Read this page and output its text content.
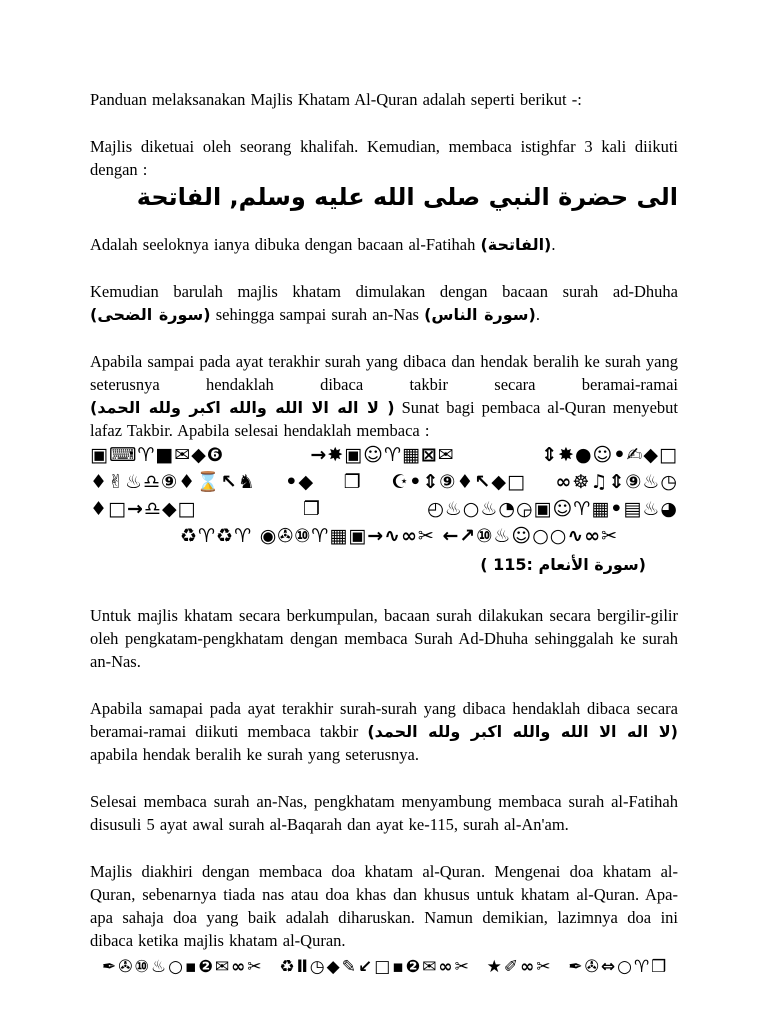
Panduan melaksanakan Majlis Khatam Al-Quran adalah seperti berikut -:

Majlis diketuai oleh seorang khalifah. Kemudian, membaca istighfar 3 kali diikuti dengan :

الى حضرة النبي صلى الله عليه وسلم, الفاتحة

Adalah seeloknya ianya dibuka dengan bacaan al-Fatihah (الفاتحة).

Kemudian barulah majlis khatam dimulakan dengan bacaan surah ad-Dhuha (سورة الضحى) sehingga sampai surah an-Nas (سورة الناس).

Apabila sampai pada ayat terakhir surah yang dibaca dan hendak beralih ke surah yang seterusnya hendaklah dibaca takbir secara beramai-ramai ( لا اله الا الله والله اكبر ولله الحمد) Sunat bagi pembaca al-Quran menyebut lafaz Takbir. Apabila selesai hendaklah membaca :

▣⌨♈■✉◆❻	→✸▣☺♈▦⊠✉	⇕✸●☺•✍◆□
♦✌♨♎⑨♦⌛↖♞ •◆ ❐ ☪•⇕⑨♦↖◆□ ∞☸♫⇕⑨♨◷
♦□→♎◆□	❐	◴♨○♨◔◶▣☺♈▦•▤♨◕
♻♈♻♈ ◉✇⑩♈▦▣→∿∞✂ ←↗⑩♨☺○○∿∞✂
(سورة الأنعام :115 )

Untuk majlis khatam secara berkumpulan, bacaan surah dilakukan secara bergilir-gilir oleh pengkatam-pengkhatam dengan membaca Surah Ad-Dhuha sehinggalah ke surah an-Nas.

Apabila samapai pada ayat terakhir surah-surah yang dibaca hendaklah dibaca secara beramai-ramai diikuti membaca takbir (لا اله الا الله والله اكبر ولله الحمد) apabila hendak beralih ke surah yang seterusnya.

Selesai membaca surah an-Nas, pengkhatam menyambung membaca surah al-Fatihah disusuli 5 ayat awal surah al-Baqarah dan ayat ke-115, surah al-An'am.

Majlis diakhiri dengan membaca doa khatam al-Quran. Mengenai doa khatam al-Quran, sebenarnya tiada nas atau doa khas dan khusus untuk khatam al-Quran. Apa-apa sahaja doa yang baik adalah diharuskan. Namun demikian, lazimnya doa ini dibaca ketika majlis khatam al-Quran.

✒✇⑩♨○▪❷✉∞✂  ♻Ⅱ◷◆✎↙□▪❷✉∞✂  ★✐∞✂  ✒✇⇔○♈❒
